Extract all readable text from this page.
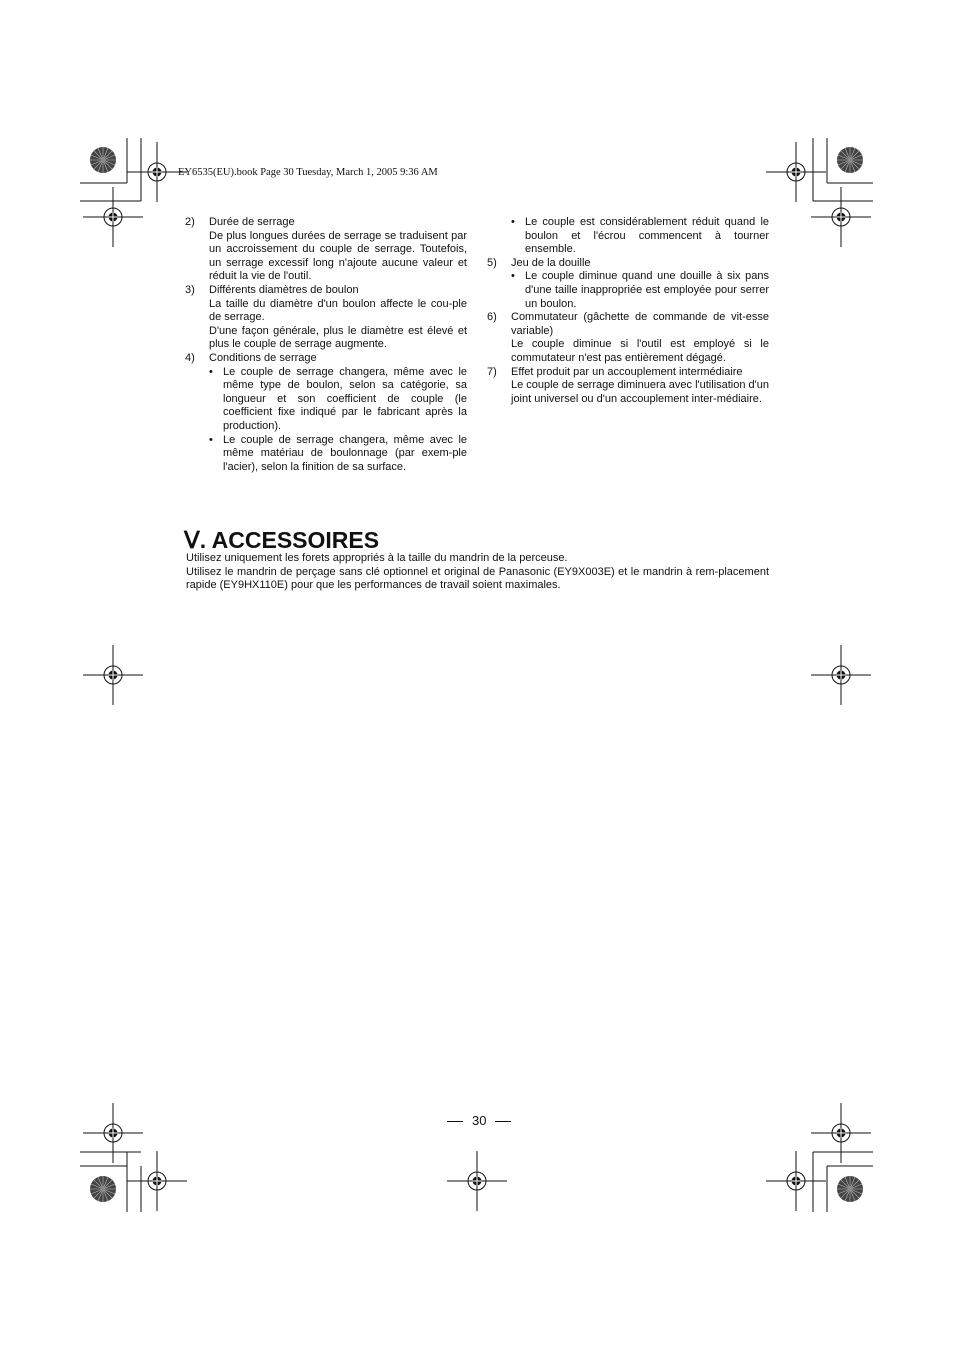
EY6535(EU).book Page 30 Tuesday, March 1, 2005 9:36 AM
2) Durée de serrage
De plus longues durées de serrage se traduisent par un accroissement du couple de serrage. Toutefois, un serrage excessif long n'ajoute aucune valeur et réduit la vie de l'outil.
3) Différents diamètres de boulon
La taille du diamètre d'un boulon affecte le cou-ple de serrage.
D'une façon générale, plus le diamètre est élevé et plus le couple de serrage augmente.
4) Conditions de serrage
• Le couple de serrage changera, même avec le même type de boulon, selon sa catégorie, sa longueur et son coefficient de couple (le coefficient fixe indiqué par le fabricant après la production).
• Le couple de serrage changera, même avec le même matériau de boulonnage (par exem-ple l'acier), selon la finition de sa surface.
• Le couple est considérablement réduit quand le boulon et l'écrou commencent à tourner ensemble.
5) Jeu de la douille
• Le couple diminue quand une douille à six pans d'une taille inappropriée est employée pour serrer un boulon.
6) Commutateur (gâchette de commande de vit-esse variable)
Le couple diminue si l'outil est employé si le commutateur n'est pas entièrement dégagé.
7) Effet produit par un accouplement intermédiaire
Le couple de serrage diminuera avec l'utilisation d'un joint universel ou d'un accouplement inter-médiaire.
Ⅴ. ACCESSOIRES
Utilisez uniquement les forets appropriés à la taille du mandrin de la perceuse.
Utilisez le mandrin de perçage sans clé optionnel et original de Panasonic (EY9X003E) et le mandrin à rem-placement rapide (EY9HX110E) pour que les performances de travail soient maximales.
30
